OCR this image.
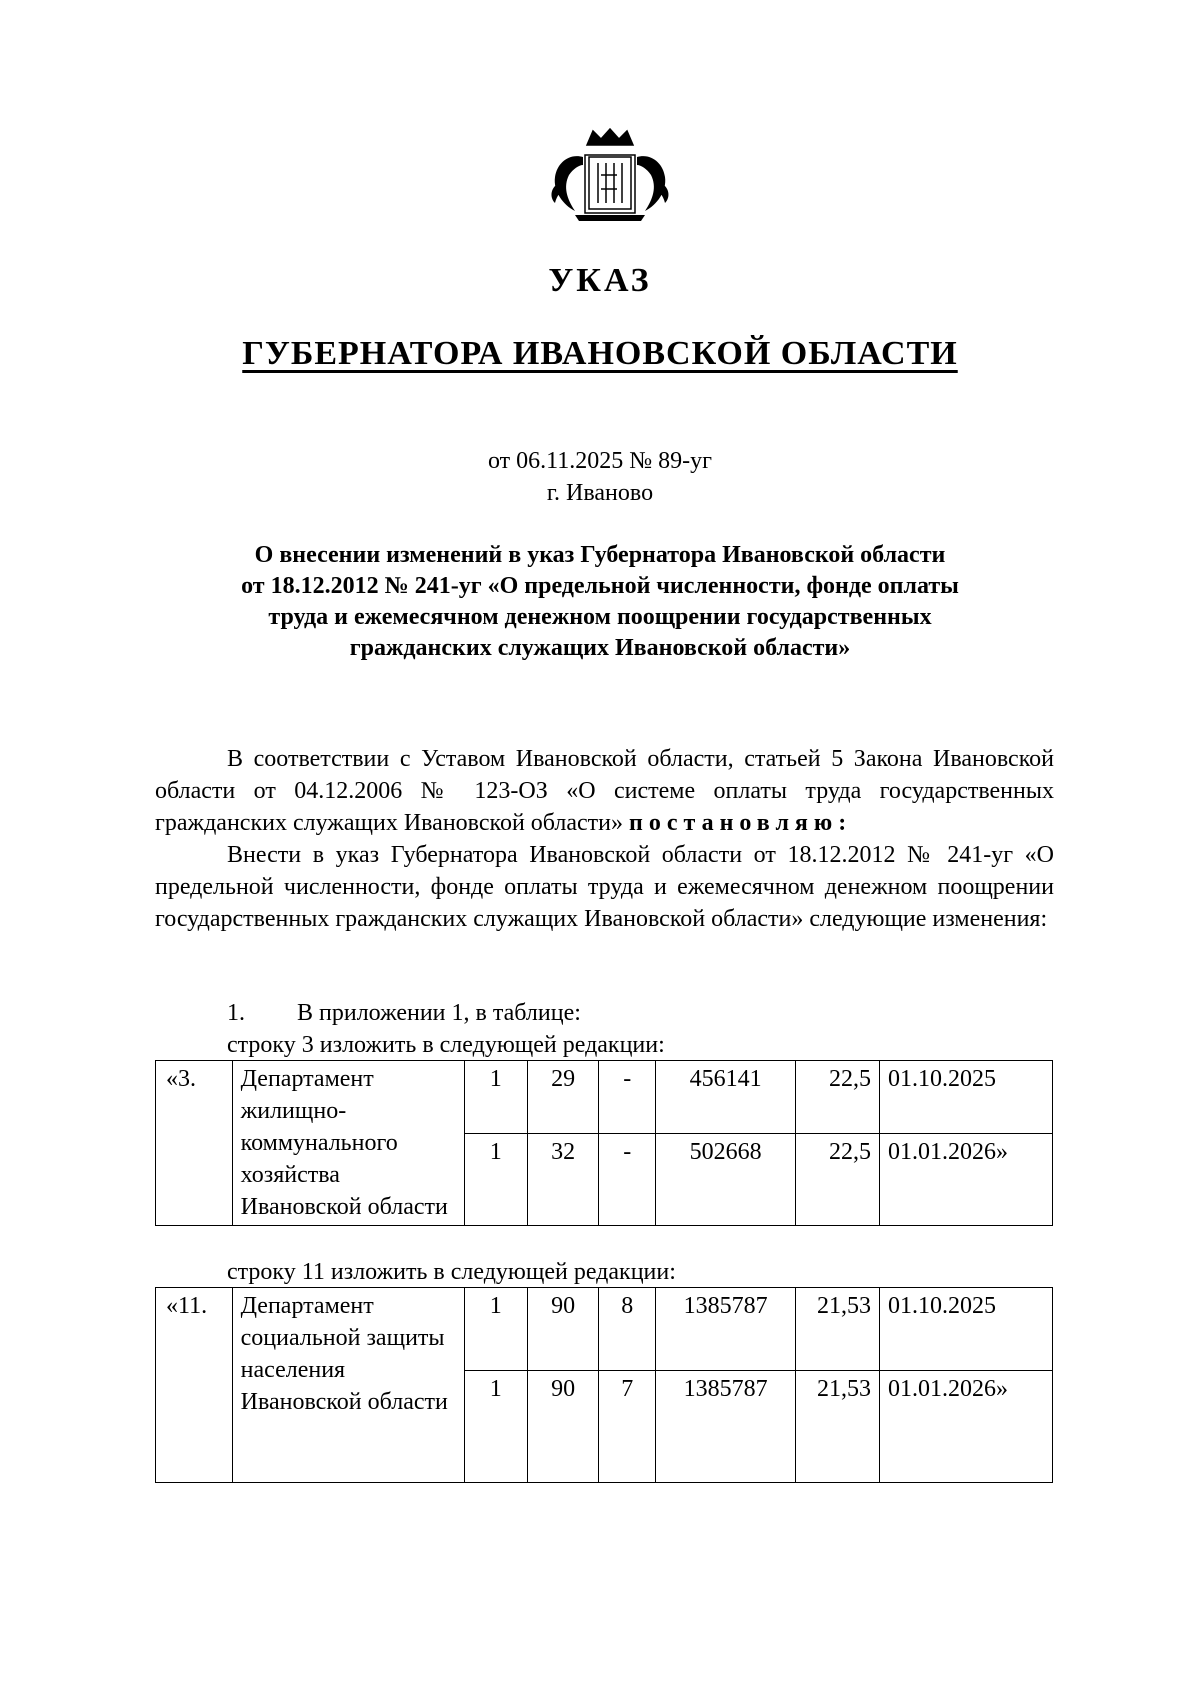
УКАЗ
ГУБЕРНАТОРА ИВАНОВСКОЙ ОБЛАСТИ
от 06.11.2025 № 89-уг
г. Иваново
О внесении изменений в указ Губернатора Ивановской области
от 18.12.2012 № 241-уг «О предельной численности, фонде оплаты
труда и ежемесячном денежном поощрении государственных
гражданских служащих Ивановской области»
В соответствии с Уставом Ивановской области, статьей 5 Закона Ивановской области от 04.12.2006 № 123-ОЗ «О системе оплаты труда государственных гражданских служащих Ивановской области» постановляю:
Внести в указ Губернатора Ивановской области от 18.12.2012 № 241-уг «О предельной численности, фонде оплаты труда и ежемесячном денежном поощрении государственных гражданских служащих Ивановской области» следующие изменения:
1. В приложении 1, в таблице:
строку 3 изложить в следующей редакции:
«3.	Департамент жилищно-коммунального хозяйства Ивановской области	1	29	-	456141	22,5	01.10.2025
		1	32	-	502668	22,5	01.01.2026»
строку 11 изложить в следующей редакции:
«11.	Департамент социальной защиты населения Ивановской области	1	90	8	1385787	21,53	01.10.2025
		1	90	7	1385787	21,53	01.01.2026»
